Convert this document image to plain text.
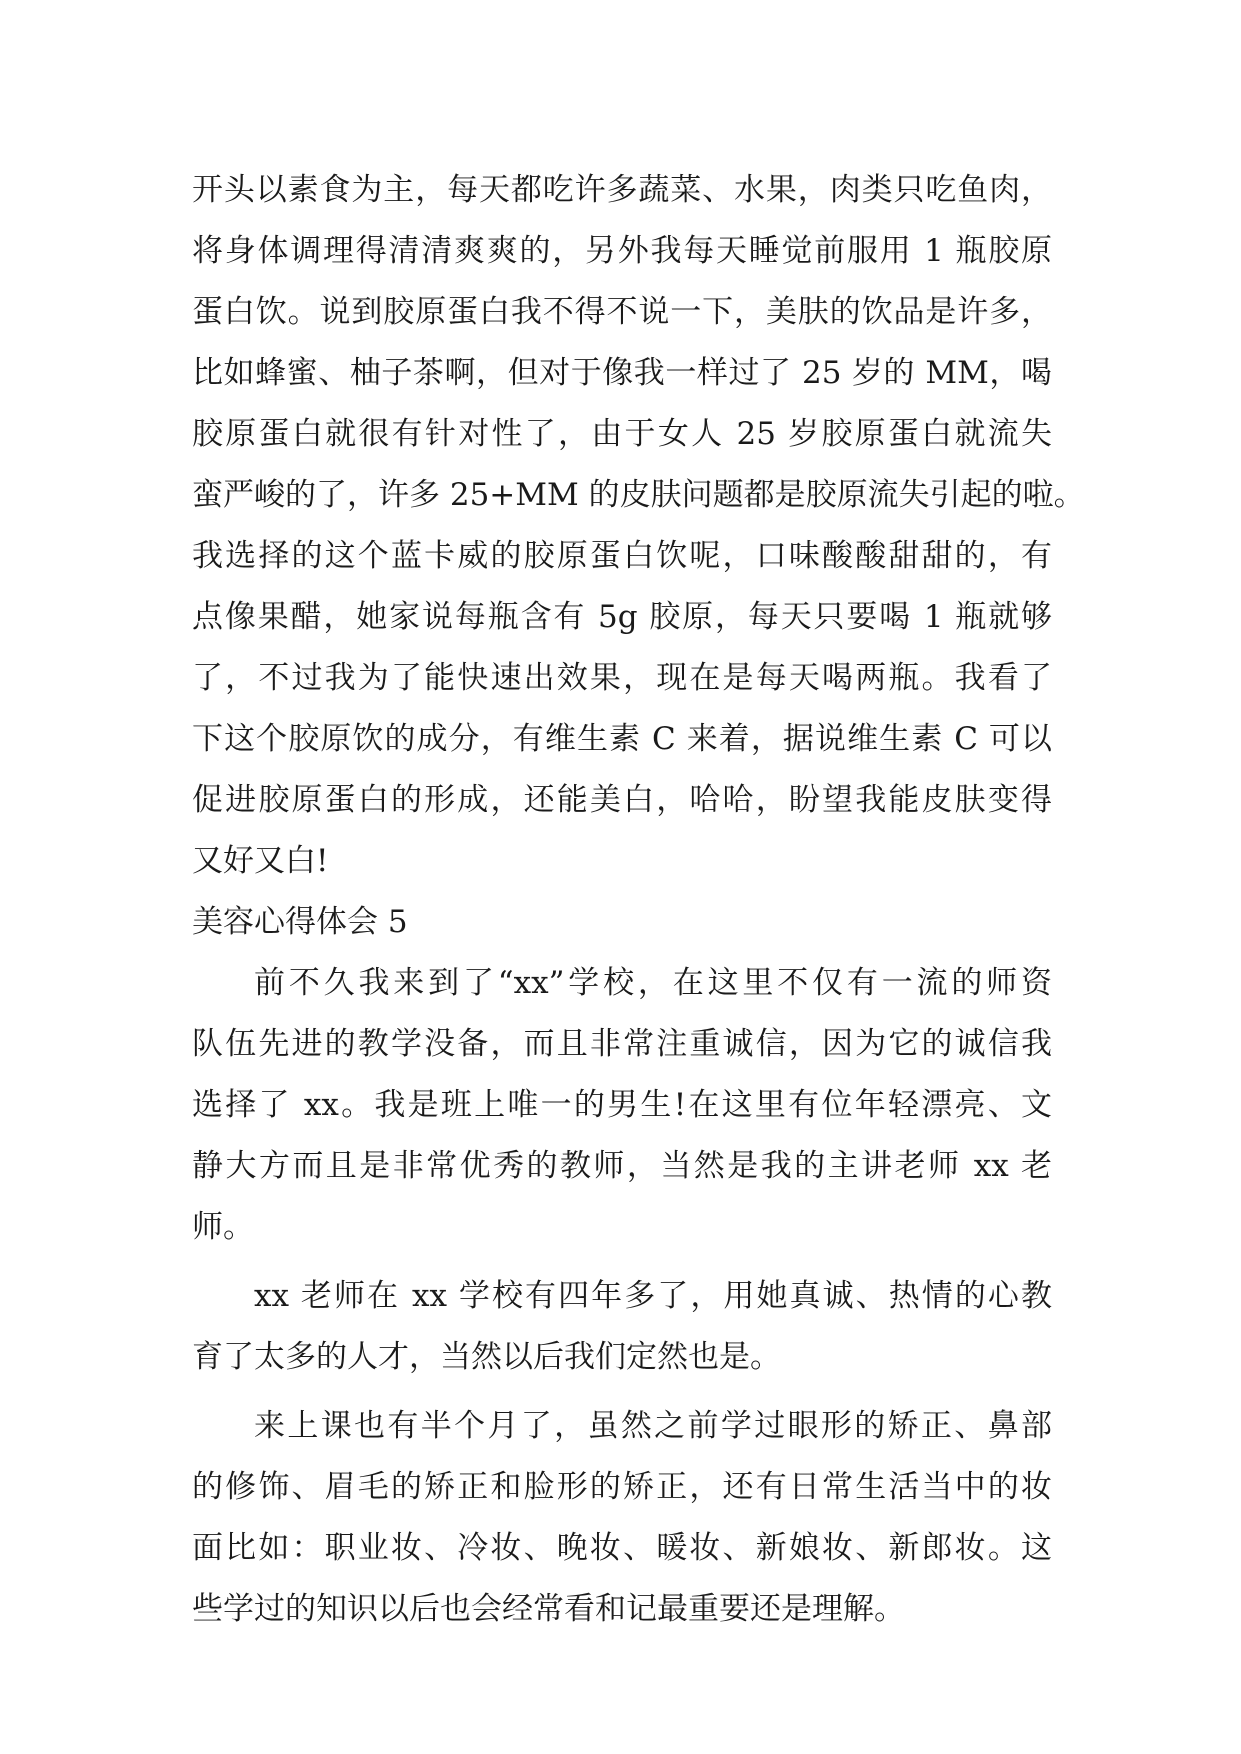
开头以素食为主，每天都吃许多蔬菜、水果，肉类只吃鱼肉，
将身体调理得清清爽爽的，另外我每天睡觉前服用 1 瓶胶原
蛋白饮。说到胶原蛋白我不得不说一下，美肤的饮品是许多，
比如蜂蜜、柚子茶啊，但对于像我一样过了 25 岁的 MM，喝
胶原蛋白就很有针对性了，由于女人 25 岁胶原蛋白就流失
蛮严峻的了，许多 25+MM 的皮肤问题都是胶原流失引起的啦。
我选择的这个蓝卡威的胶原蛋白饮呢，口味酸酸甜甜的，有
点像果醋，她家说每瓶含有 5g 胶原，每天只要喝 1 瓶就够
了，不过我为了能快速出效果，现在是每天喝两瓶。我看了
下这个胶原饮的成分，有维生素 C 来着，据说维生素 C 可以
促进胶原蛋白的形成，还能美白，哈哈，盼望我能皮肤变得
又好又白!
美容心得体会 5
前不久我来到了“xx”学校，在这里不仅有一流的师资
队伍先进的教学没备，而且非常注重诚信，因为它的诚信我
选择了 xx。我是班上唯一的男生!在这里有位年轻漂亮、文
静大方而且是非常优秀的教师，当然是我的主讲老师 xx 老
师。
xx 老师在 xx 学校有四年多了，用她真诚、热情的心教
育了太多的人才，当然以后我们定然也是。
来上课也有半个月了，虽然之前学过眼形的矫正、鼻部
的修饰、眉毛的矫正和脸形的矫正，还有日常生活当中的妆
面比如：职业妆、冷妆、晚妆、暖妆、新娘妆、新郎妆。这
些学过的知识以后也会经常看和记最重要还是理解。
